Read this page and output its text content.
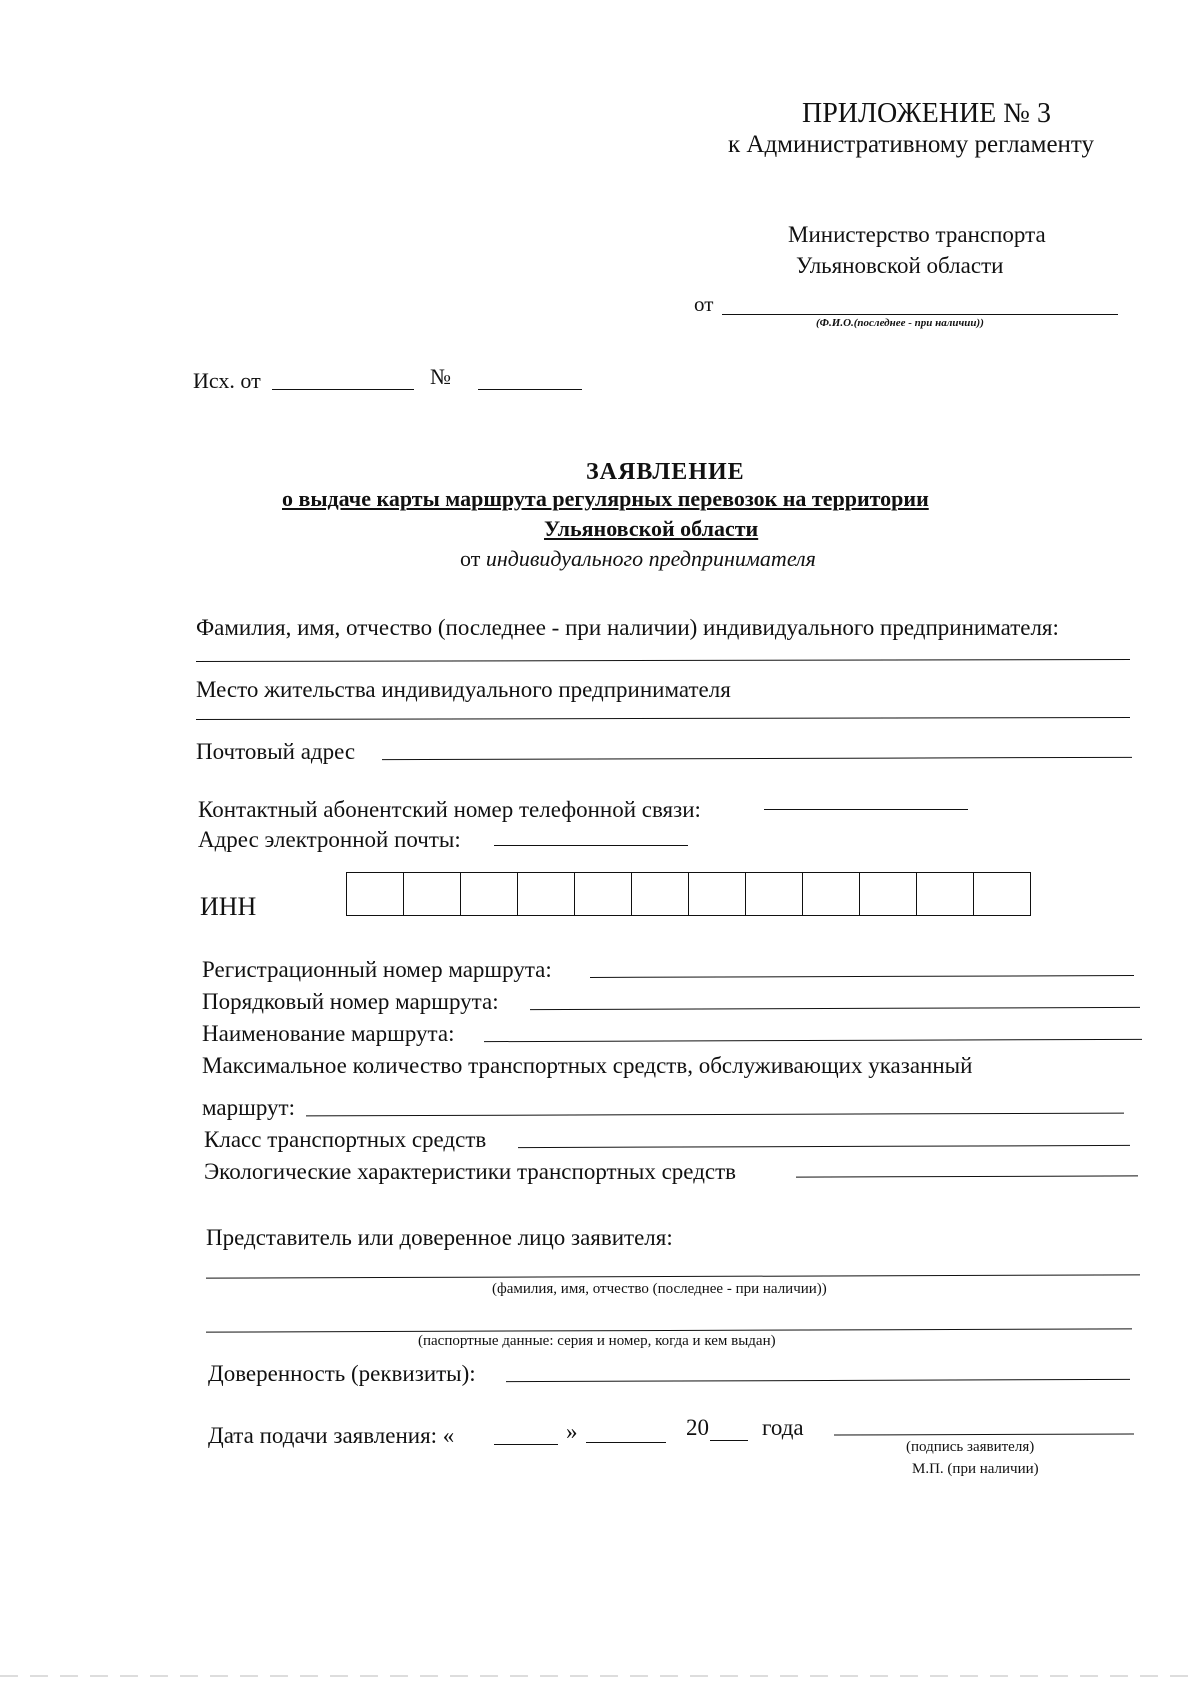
ПРИЛОЖЕНИЕ № 3
к Административному регламенту
Министерство транспорта
Ульяновской области
от
(Ф.И.О.(последнее - при наличии))
Исх. от	№
ЗАЯВЛЕНИЕ
о выдаче карты маршрута регулярных перевозок на территории
Ульяновской области
от индивидуального предпринимателя
Фамилия, имя, отчество (последнее - при наличии) индивидуального предпринимателя:
Место жительства индивидуального предпринимателя
Почтовый адрес
Контактный абонентский номер телефонной связи:
Адрес электронной почты:
ИНН
Регистрационный номер маршрута:
Порядковый номер маршрута:
Наименование маршрута:
Максимальное количество транспортных средств, обслуживающих указанный
маршрут:
Класс транспортных средств
Экологические характеристики транспортных средств
Представитель или доверенное лицо заявителя:
(фамилия, имя, отчество (последнее - при наличии))
(паспортные данные: серия и номер, когда и кем выдан)
Доверенность (реквизиты):
Дата подачи заявления: «	»	20 года
(подпись заявителя)
М.П. (при наличии)
